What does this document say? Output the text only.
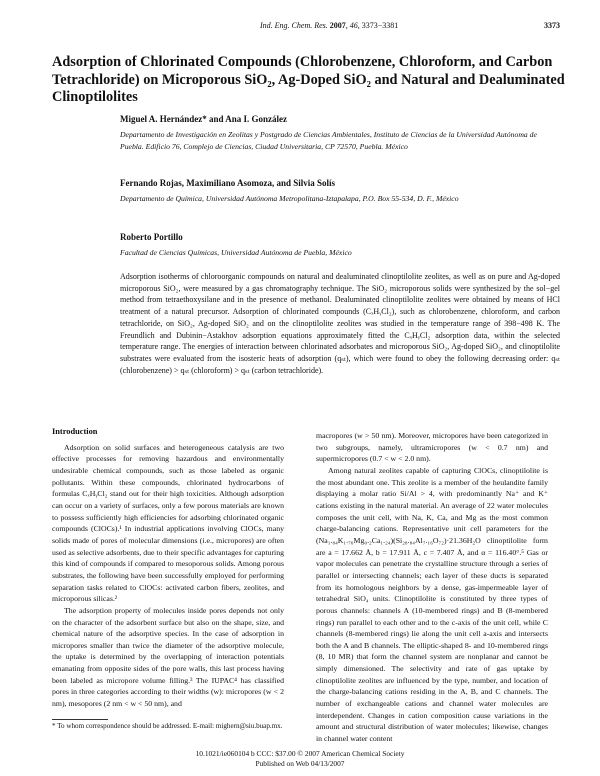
Ind. Eng. Chem. Res. 2007, 46, 3373−3381	3373
Adsorption of Chlorinated Compounds (Chlorobenzene, Chloroform, and Carbon Tetrachloride) on Microporous SiO₂, Ag-Doped SiO₂ and Natural and Dealuminated Clinoptilolites
Miguel A. Hernández* and Ana I. González
Departamento de Investigación en Zeolitas y Postgrado de Ciencias Ambientales, Instituto de Ciencias de la Universidad Autónoma de Puebla. Edificio 76, Complejo de Ciencias, Ciudad Universitaria, CP 72570, Puebla. México
Fernando Rojas, Maximiliano Asomoza, and Silvia Solís
Departamento de Química, Universidad Autónoma Metropolitana-Iztapalapa, P.O. Box 55-534, D. F., México
Roberto Portillo
Facultad de Ciencias Químicas, Universidad Autónoma de Puebla, México

Adsorption isotherms of chloroorganic compounds on natural and dealuminated clinoptilolite zeolites, as well as on pure and Ag-doped microporous SiO₂, were measured by a gas chromatography technique. The SiO₂ microporous solids were synthesized by the sol−gel method from tetraethoxysilane and in the presence of methanol. Dealuminated clinoptilolite zeolites were obtained by means of HCl treatment of a natural precursor. Adsorption of chlorinated compounds (CₓHᵧCl₂), such as chlorobenzene, chloroform, and carbon tetrachloride, on SiO₂, Ag-doped SiO₂ and on the clinoptilolite zeolites was studied in the temperature range of 398−498 K. The Freundlich and Dubinin−Astakhov adsorption equations approximately fitted the CₓHᵧCl₂ adsorption data, within the selected temperature range. The energies of interaction between chlorinated adsorbates and microporous SiO₂, Ag-doped SiO₂, and clinoptilolite substrates were evaluated from the isosteric heats of adsorption (qₛₜ), which were found to obey the following decreasing order: qₛₜ (chlorobenzene) > qₛₜ (chloroform) > qₛₜ (carbon tetrachloride).

Introduction

Adsorption on solid surfaces and heterogeneous catalysis are two effective processes for removing hazardous and environmentally undesirable chemical compounds, such as those labeled as organic pollutants. Within these compounds, chlorinated hydrocarbons of formulas CₓHᵧCl₂ stand out for their high toxicities. Although adsorption can occur on a variety of surfaces, only a few porous materials are known to possess sufficiently high efficiencies for adsorbing chlorinated organic compounds (ClOCs).¹ In industrial applications involving ClOCs, many solids made of pores of molecular dimensions (i.e., micropores) are often used as selective adsorbents, due to their specific advantages for capturing this kind of compounds if compared to mesoporous solids. Among porous substrates, the following have been successfully employed for performing separation tasks related to ClOCs: activated carbon fibers, zeolites, and microporous silicas.²

The adsorption property of molecules inside pores depends not only on the character of the adsorbent surface but also on the shape, size, and chemical nature of the adsorptive species. In the case of adsorption in micropores smaller than twice the diameter of the adsorptive molecule, the uptake is determined by the overlapping of interaction potentials emanating from opposite sides of the pore walls, this last process having been labeled as micropore volume filling.³ The IUPAC⁴ has classified pores in three categories according to their widths (w): micropores (w < 2 nm), mesopores (2 nm < w < 50 nm), and

macropores (w > 50 nm). Moreover, micropores have been categorized in two subgroups, namely, ultramicropores (w < 0.7 nm) and supermicropores (0.7 < w < 2.0 nm).

Among natural zeolites capable of capturing ClOCs, clinoptilolite is the most abundant one. This zeolite is a member of the heulandite family displaying a molar ratio Si/Al > 4, with predominantly Na⁺ and K⁺ cations existing in the natural material. An average of 22 water molecules composes the unit cell, with Na, K, Ca, and Mg as the most common charge-balancing cations. Representative unit cell parameters for the (Na₁.₈₄K₁.₇₆Mg₀.₂Ca₁.₂₄)(Si₂₈.₈₄Al₇.₁₆O₇₂)·21.36H₂O clinoptilolite form are a = 17.662 Å, b = 17.911 Å, c = 7.407 Å, and α = 116.40°.⁵ Gas or vapor molecules can penetrate the crystalline structure through a series of parallel or intersecting channels; each layer of these ducts is separated from its homologous neighbors by a dense, gas-impermeable layer of tetrahedral SiO₄ units. Clinoptilolite is constituted by three types of porous channels: channels A (10-membered rings) and B (8-membered rings) run parallel to each other and to the c-axis of the unit cell, while C channels (8-membered rings) lie along the unit cell a-axis and intersects both the A and B channels. The elliptic-shaped 8- and 10-membered rings (8, 10 MR) that form the channel system are nonplanar and cannot be simply dimensioned. The selectivity and rate of gas uptake by clinoptilolite zeolites are influenced by the type, number, and location of the charge-balancing cations residing in the A, B, and C channels. The number of exchangeable cations and channel water molecules are interdependent. Changes in cation composition cause variations in the amount and structural distribution of water molecules; likewise, changes in channel water content

* To whom correspondence should be addressed. E-mail: mighern@siu.buap.mx.

10.1021/ie060104 b CCC: $37.00 © 2007 American Chemical Society
Published on Web 04/13/2007
